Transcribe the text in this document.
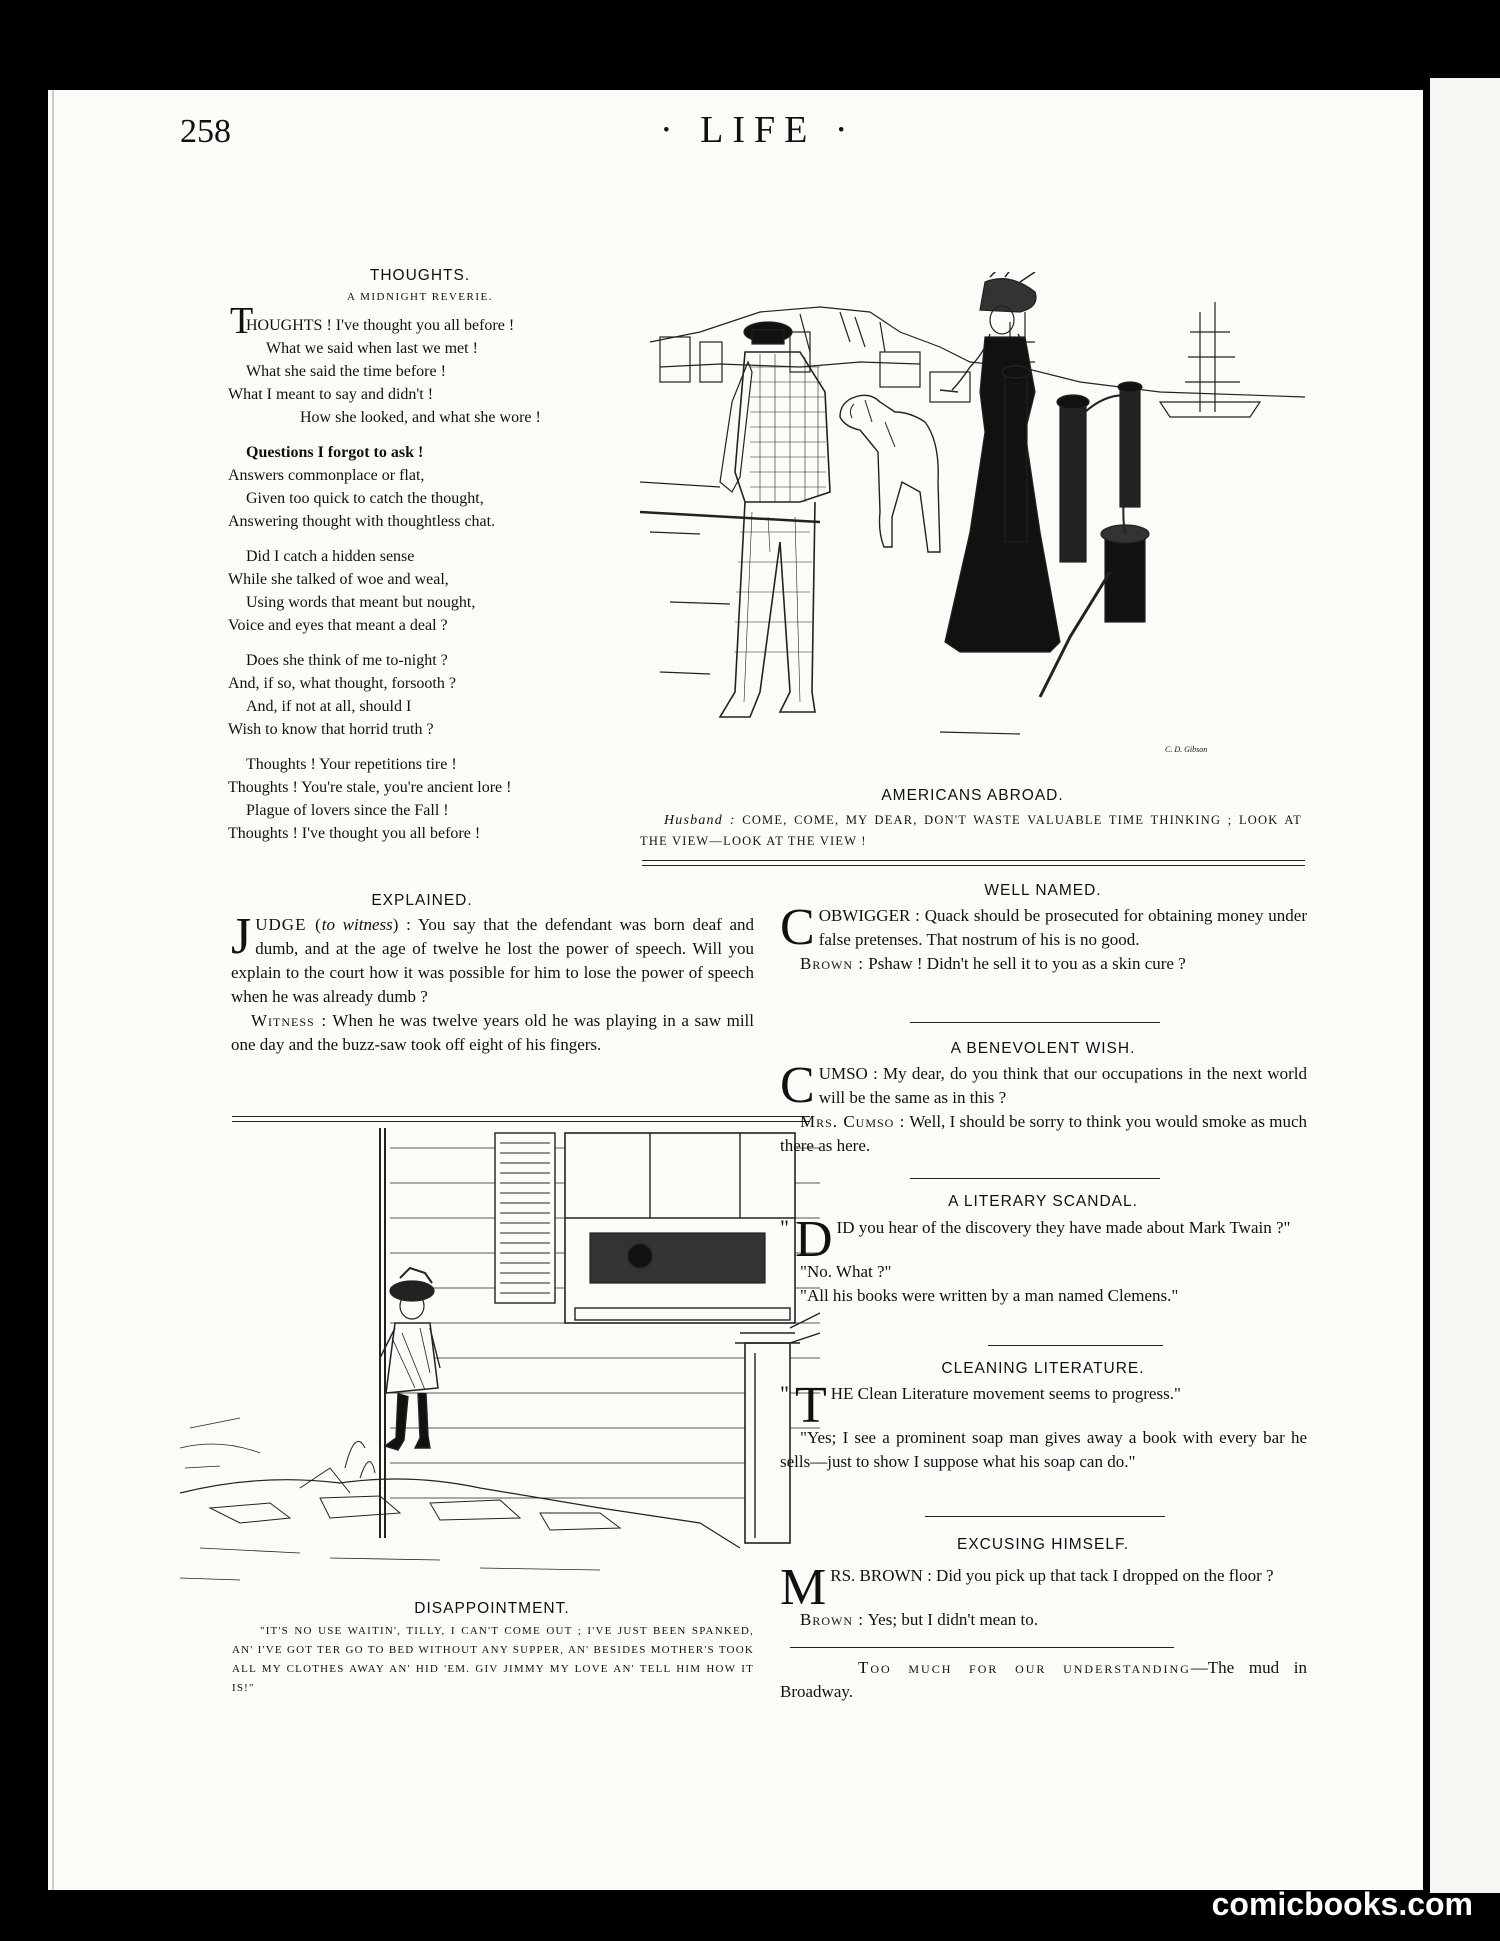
258	· LIFE ·
THOUGHTS.
A MIDNIGHT REVERIE.
T
HOUGHTS ! I've thought you all before !
What we said when last we met !
What she said the time before !
What I meant to say and didn't !
How she looked, and what she wore !
Questions I forgot to ask !
Answers commonplace or flat,
Given too quick to catch the thought,
Answering thought with thoughtless chat.
Did I catch a hidden sense
While she talked of woe and weal,
Using words that meant but nought,
Voice and eyes that meant a deal ?
Does she think of me to-night ?
And, if so, what thought, forsooth ?
And, if not at all, should I
Wish to know that horrid truth ?
Thoughts ! Your repetitions tire !
Thoughts ! You're stale, you're ancient lore !
Plague of lovers since the Fall !
Thoughts ! I've thought you all before !
C. D. Gibson
AMERICANS ABROAD.
Husband : COME, COME, MY DEAR, DON'T WASTE VALUABLE TIME THINKING ; LOOK AT THE VIEW—LOOK AT THE VIEW !
EXPLAINED.

JUDGE (to witness) : You say that the defendant was born deaf and dumb, and at the age of twelve he lost the power of speech. Will you explain to the court how it was possible for him to lose the power of speech when he was already dumb ?

Witness : When he was twelve years old he was playing in a saw mill one day and the buzz-saw took off eight of his fingers.

DISAPPOINTMENT.
"IT'S NO USE WAITIN', TILLY, I CAN'T COME OUT ; I'VE JUST BEEN SPANKED, AN' I'VE GOT TER GO TO BED WITHOUT ANY SUPPER, AN' BESIDES MOTHER'S TOOK ALL MY CLOTHES AWAY AN' HID 'EM. GIV JIMMY MY LOVE AN' TELL HIM HOW IT IS!"
WELL NAMED.

COBWIGGER : Quack should be prosecuted for obtaining money under false pretenses. That nostrum of his is no good.

Brown : Pshaw ! Didn't he sell it to you as a skin cure ?

A BENEVOLENT WISH.

CUMSO : My dear, do you think that our occupations in the next world will be the same as in this ?

Mrs. Cumso : Well, I should be sorry to think you would smoke as much there as here.

A LITERARY SCANDAL.

" D ID you hear of the discovery they have made about Mark Twain ?"

"No. What ?"

"All his books were written by a man named Clemens."

CLEANING LITERATURE.

" T HE Clean Literature movement seems to progress."

"Yes; I see a prominent soap man gives away a book with every bar he sells—just to show I suppose what his soap can do."

EXCUSING HIMSELF.

MRS. BROWN : Did you pick up that tack I dropped on the floor ?

Brown : Yes; but I didn't mean to.

Too much for our understanding—The mud in Broadway.

comicbooks.com
